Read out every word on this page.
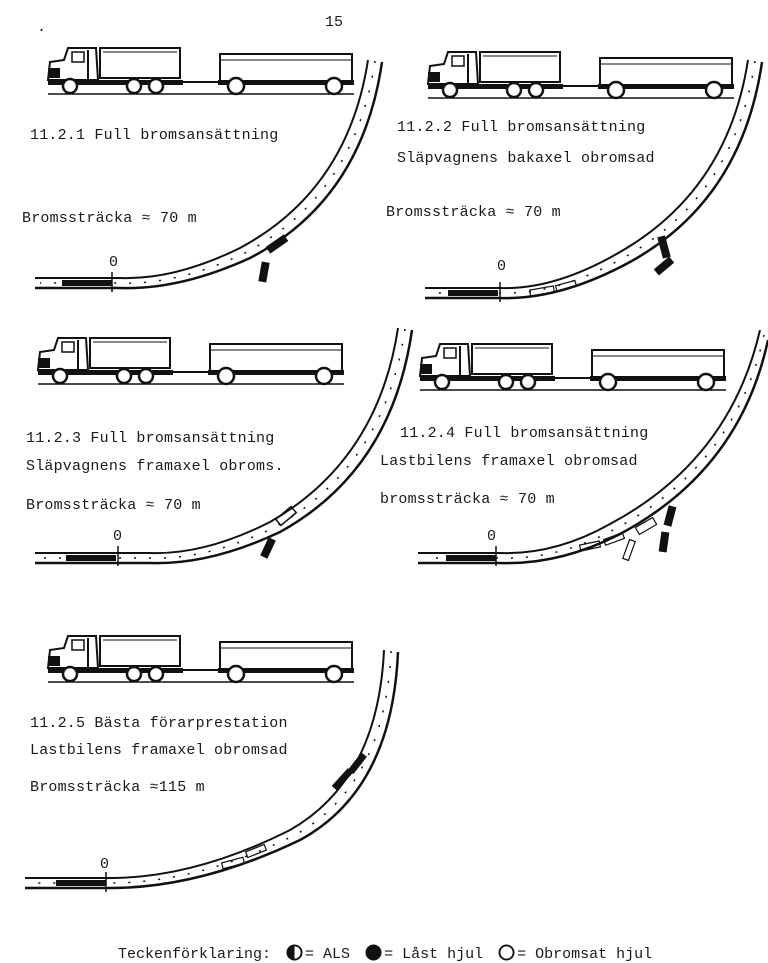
.	15
11.2.1 Full bromsansättning
Bromssträcka ≈ 70 m
0
11.2.2 Full bromsansättning
Släpvagnens bakaxel obromsad
Bromssträcka ≈ 70 m
0
11.2.3 Full bromsansättning
Släpvagnens framaxel obroms.
Bromssträcka ≈ 70 m
0
11.2.4 Full bromsansättning
Lastbilens framaxel obromsad
bromssträcka ≈ 70 m
0
11.2.5 Bästa förarprestation
Lastbilens framaxel obromsad
Bromssträcka ≈115 m
0
Teckenförklaring: = ALS = Låst hjul = Obromsat hjul
